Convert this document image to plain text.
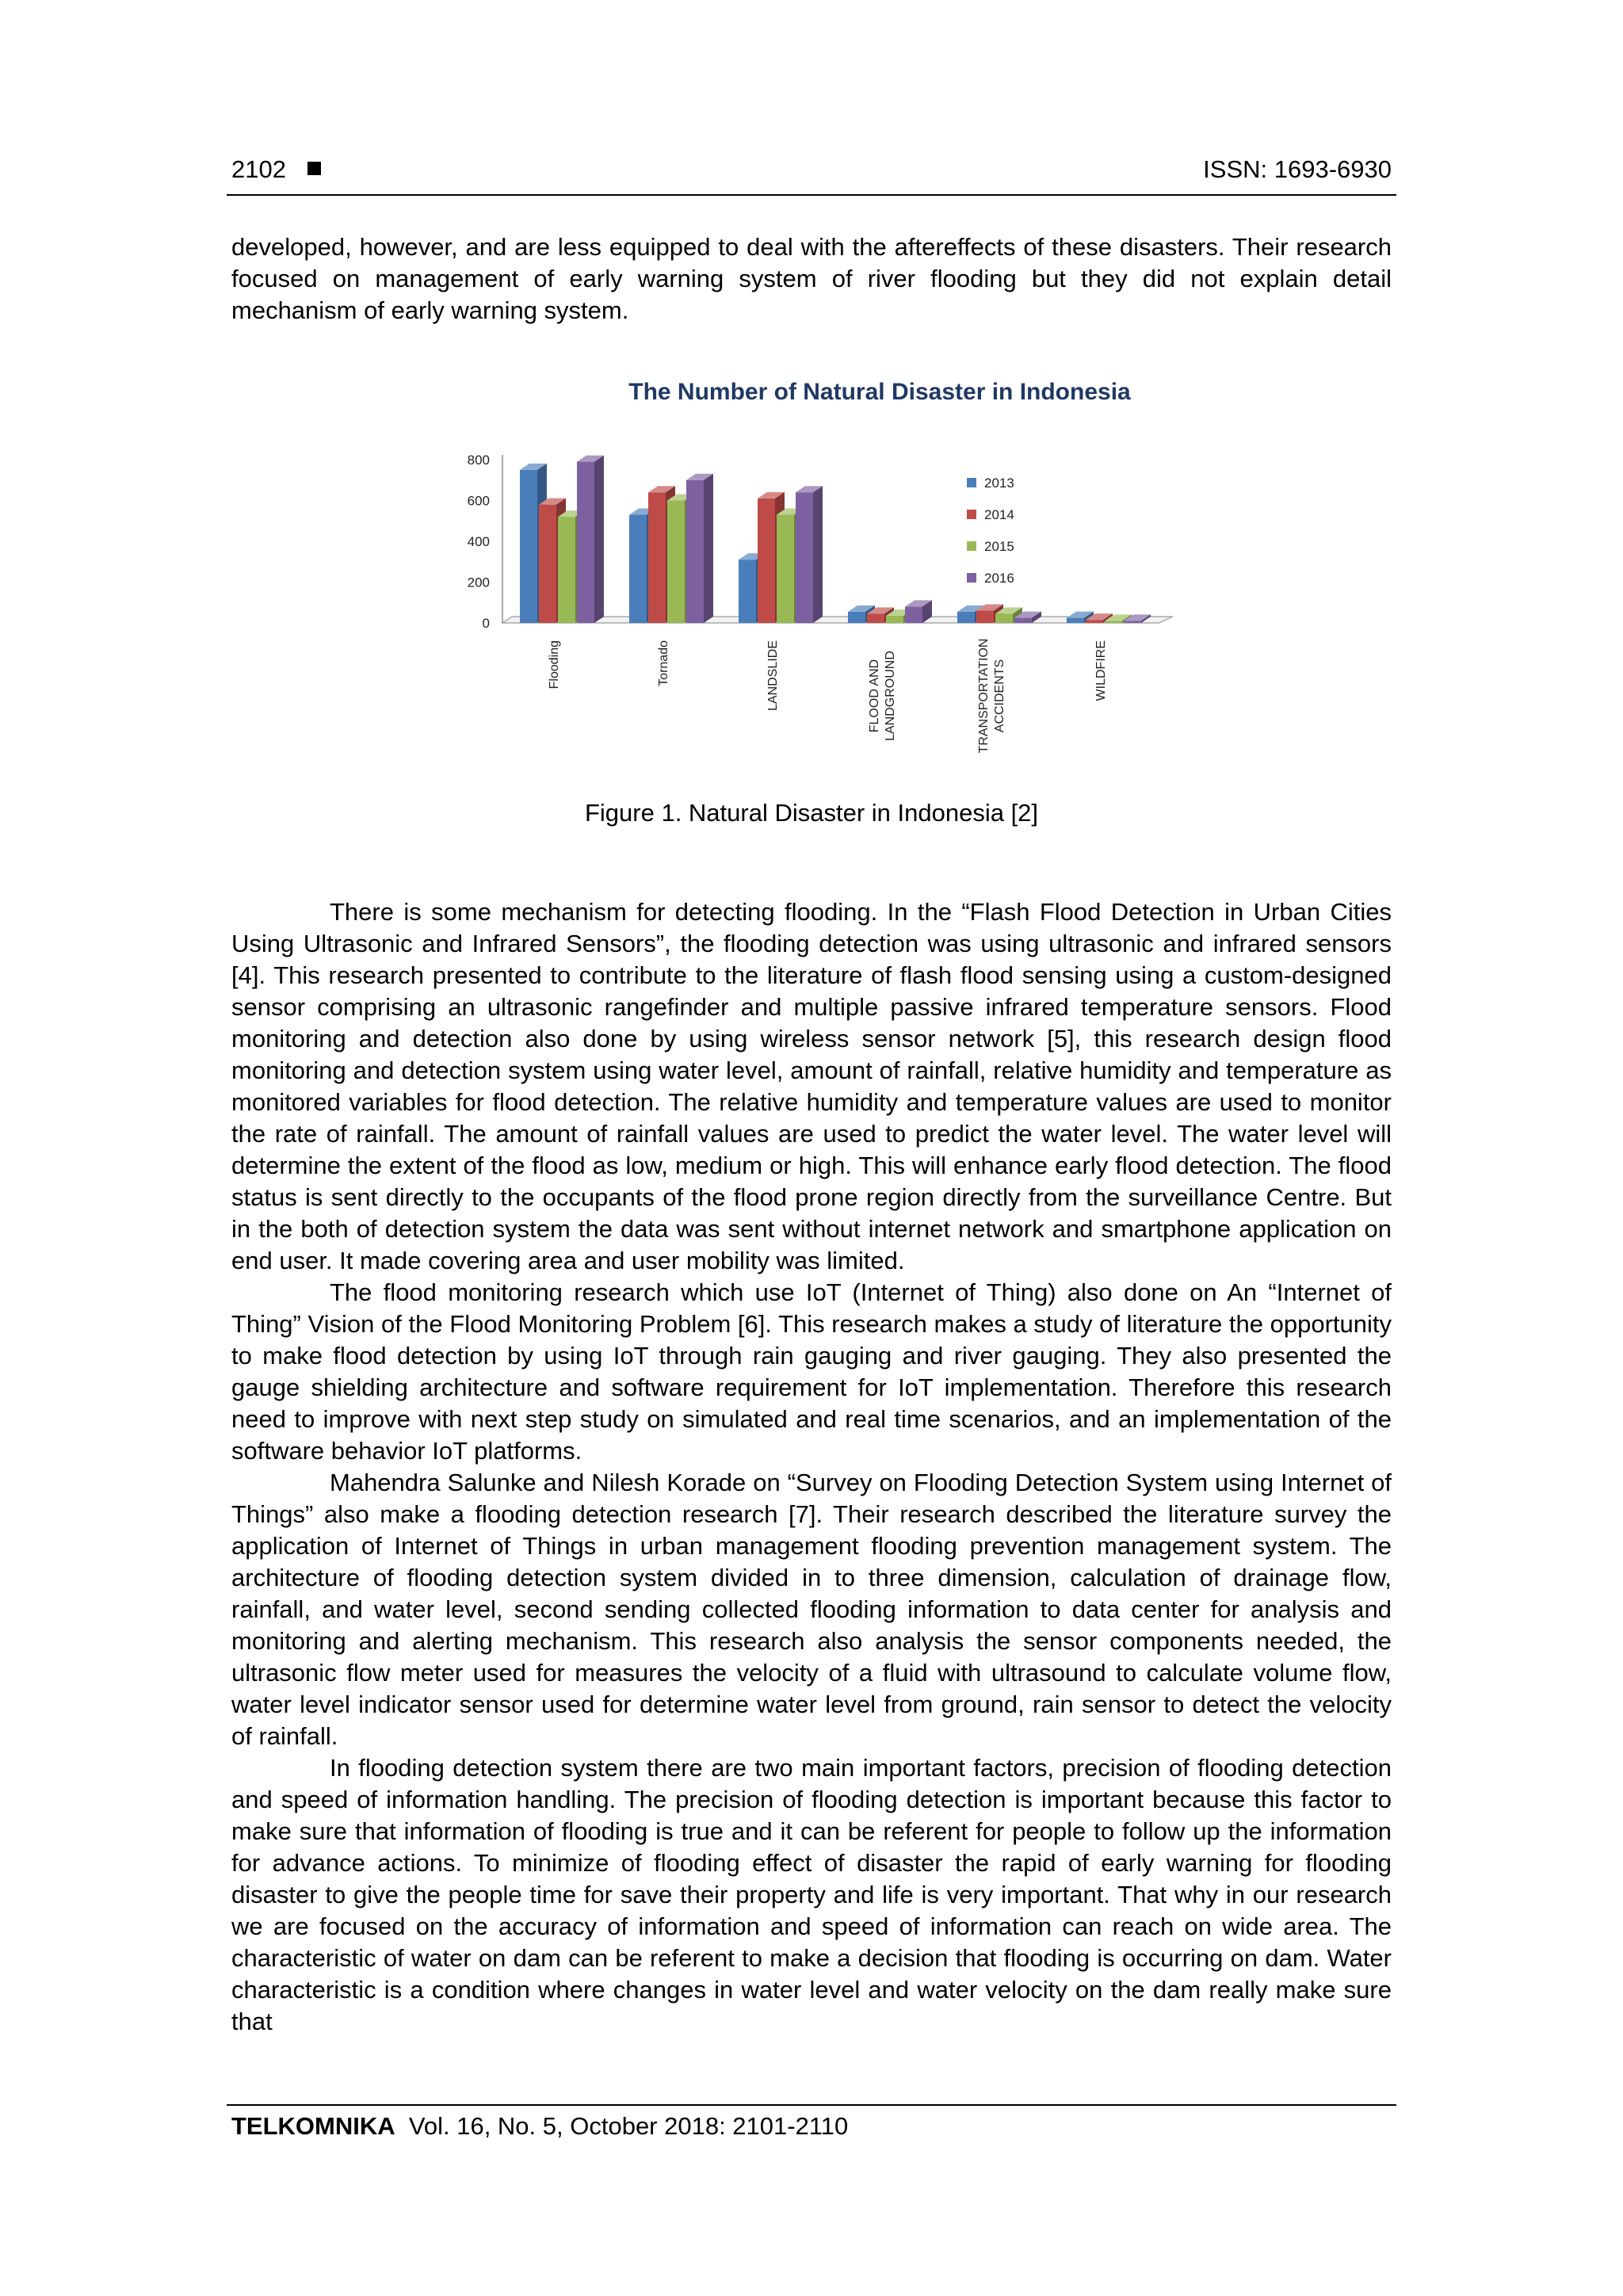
2102	ISSN: 1693-6930

developed, however, and are less equipped to deal with the aftereffects of these disasters. Their research focused on management of early warning system of river flooding but they did not explain detail mechanism of early warning system.

The Number of Natural Disaster in Indonesia
0
200
400
600
800
Flooding	Tornado	LANDSLIDE	FLOOD AND LANDGROUND	TRANSPORTATION ACCIDENTS	WILDFIRE
2013
2014
2015
2016
Figure 1. Natural Disaster in Indonesia [2]
There is some mechanism for detecting flooding. In the “Flash Flood Detection in Urban Cities Using Ultrasonic and Infrared Sensors”, the flooding detection was using ultrasonic and infrared sensors [4]. This research presented to contribute to the literature of flash flood sensing using a custom-designed sensor comprising an ultrasonic rangefinder and multiple passive infrared temperature sensors. Flood monitoring and detection also done by using wireless sensor network [5], this research design flood monitoring and detection system using water level, amount of rainfall, relative humidity and temperature as monitored variables for flood detection. The relative humidity and temperature values are used to monitor the rate of rainfall. The amount of rainfall values are used to predict the water level. The water level will determine the extent of the flood as low, medium or high. This will enhance early flood detection. The flood status is sent directly to the occupants of the flood prone region directly from the surveillance Centre. But in the both of detection system the data was sent without internet network and smartphone application on end user. It made covering area and user mobility was limited.
The flood monitoring research which use IoT (Internet of Thing) also done on An “Internet of Thing” Vision of the Flood Monitoring Problem [6]. This research makes a study of literature the opportunity to make flood detection by using IoT through rain gauging and river gauging. They also presented the gauge shielding architecture and software requirement for IoT implementation. Therefore this research need to improve with next step study on simulated and real time scenarios, and an implementation of the software behavior IoT platforms.
Mahendra Salunke and Nilesh Korade on “Survey on Flooding Detection System using Internet of Things” also make a flooding detection research [7]. Their research described the literature survey the application of Internet of Things in urban management flooding prevention management system. The architecture of flooding detection system divided in to three dimension, calculation of drainage flow, rainfall, and water level, second sending collected flooding information to data center for analysis and monitoring and alerting mechanism. This research also analysis the sensor components needed, the ultrasonic flow meter used for measures the velocity of a fluid with ultrasound to calculate volume flow, water level indicator sensor used for determine water level from ground, rain sensor to detect the velocity of rainfall.
In flooding detection system there are two main important factors, precision of flooding detection and speed of information handling. The precision of flooding detection is important because this factor to make sure that information of flooding is true and it can be referent for people to follow up the information for advance actions. To minimize of flooding effect of disaster the rapid of early warning for flooding disaster to give the people time for save their property and life is very important. That why in our research we are focused on the accuracy of information and speed of information can reach on wide area. The characteristic of water on dam can be referent to make a decision that flooding is occurring on dam. Water characteristic is a condition where changes in water level and water velocity on the dam really make sure that
TELKOMNIKA Vol. 16, No. 5, October 2018: 2101-2110
